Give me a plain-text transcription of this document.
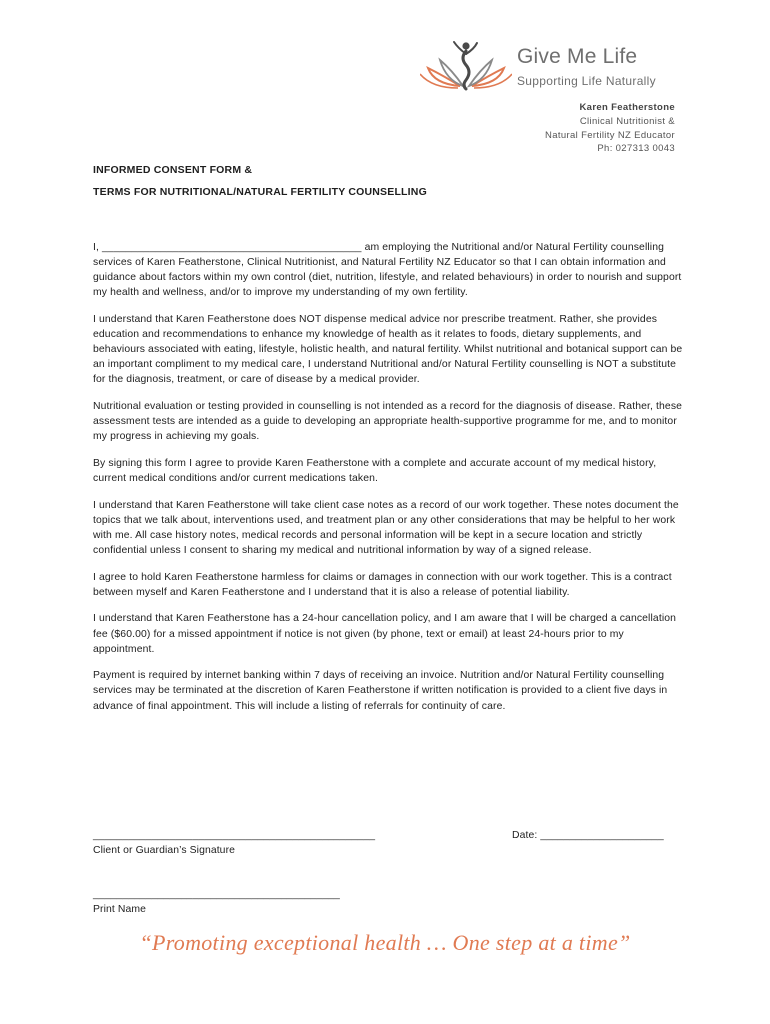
Give Me Life
Supporting Life Naturally
Karen Featherstone
Clinical Nutritionist &
Natural Fertility NZ Educator
Ph: 027313 0043
INFORMED CONSENT FORM &
TERMS FOR NUTRITIONAL/NATURAL FERTILITY COUNSELLING

I, ____________________________________________ am employing the Nutritional and/or Natural Fertility counselling services of Karen Featherstone, Clinical Nutritionist, and Natural Fertility NZ Educator so that I can obtain information and guidance about factors within my own control (diet, nutrition, lifestyle, and related behaviours) in order to nourish and support my health and wellness, and/or to improve my understanding of my own fertility.

I understand that Karen Featherstone does NOT dispense medical advice nor prescribe treatment. Rather, she provides education and recommendations to enhance my knowledge of health as it relates to foods, dietary supplements, and behaviours associated with eating, lifestyle, holistic health, and natural fertility. Whilst nutritional and botanical support can be an important compliment to my medical care, I understand Nutritional and/or Natural Fertility counselling is NOT a substitute for the diagnosis, treatment, or care of disease by a medical provider.

Nutritional evaluation or testing provided in counselling is not intended as a record for the diagnosis of disease. Rather, these assessment tests are intended as a guide to developing an appropriate health-supportive programme for me, and to monitor my progress in achieving my goals.

By signing this form I agree to provide Karen Featherstone with a complete and accurate account of my medical history, current medical conditions and/or current medications taken.

I understand that Karen Featherstone will take client case notes as a record of our work together. These notes document the topics that we talk about, interventions used, and treatment plan or any other considerations that may be helpful to her work with me. All case history notes, medical records and personal information will be kept in a secure location and strictly confidential unless I consent to sharing my medical and nutritional information by way of a signed release.

I agree to hold Karen Featherstone harmless for claims or damages in connection with our work together. This is a contract between myself and Karen Featherstone and I understand that it is also a release of potential liability.

I understand that Karen Featherstone has a 24-hour cancellation policy, and I am aware that I will be charged a cancellation fee ($60.00) for a missed appointment if notice is not given (by phone, text or email) at least 24-hours prior to my appointment.

Payment is required by internet banking within 7 days of receiving an invoice. Nutrition and/or Natural Fertility counselling services may be terminated at the discretion of Karen Featherstone if written notification is provided to a client five days in advance of final appointment. This will include a listing of referrals for continuity of care.

________________________________________________
Client or Guardian’s Signature
Date: _____________________
__________________________________________
Print Name
“Promoting exceptional health … One step at a time”
